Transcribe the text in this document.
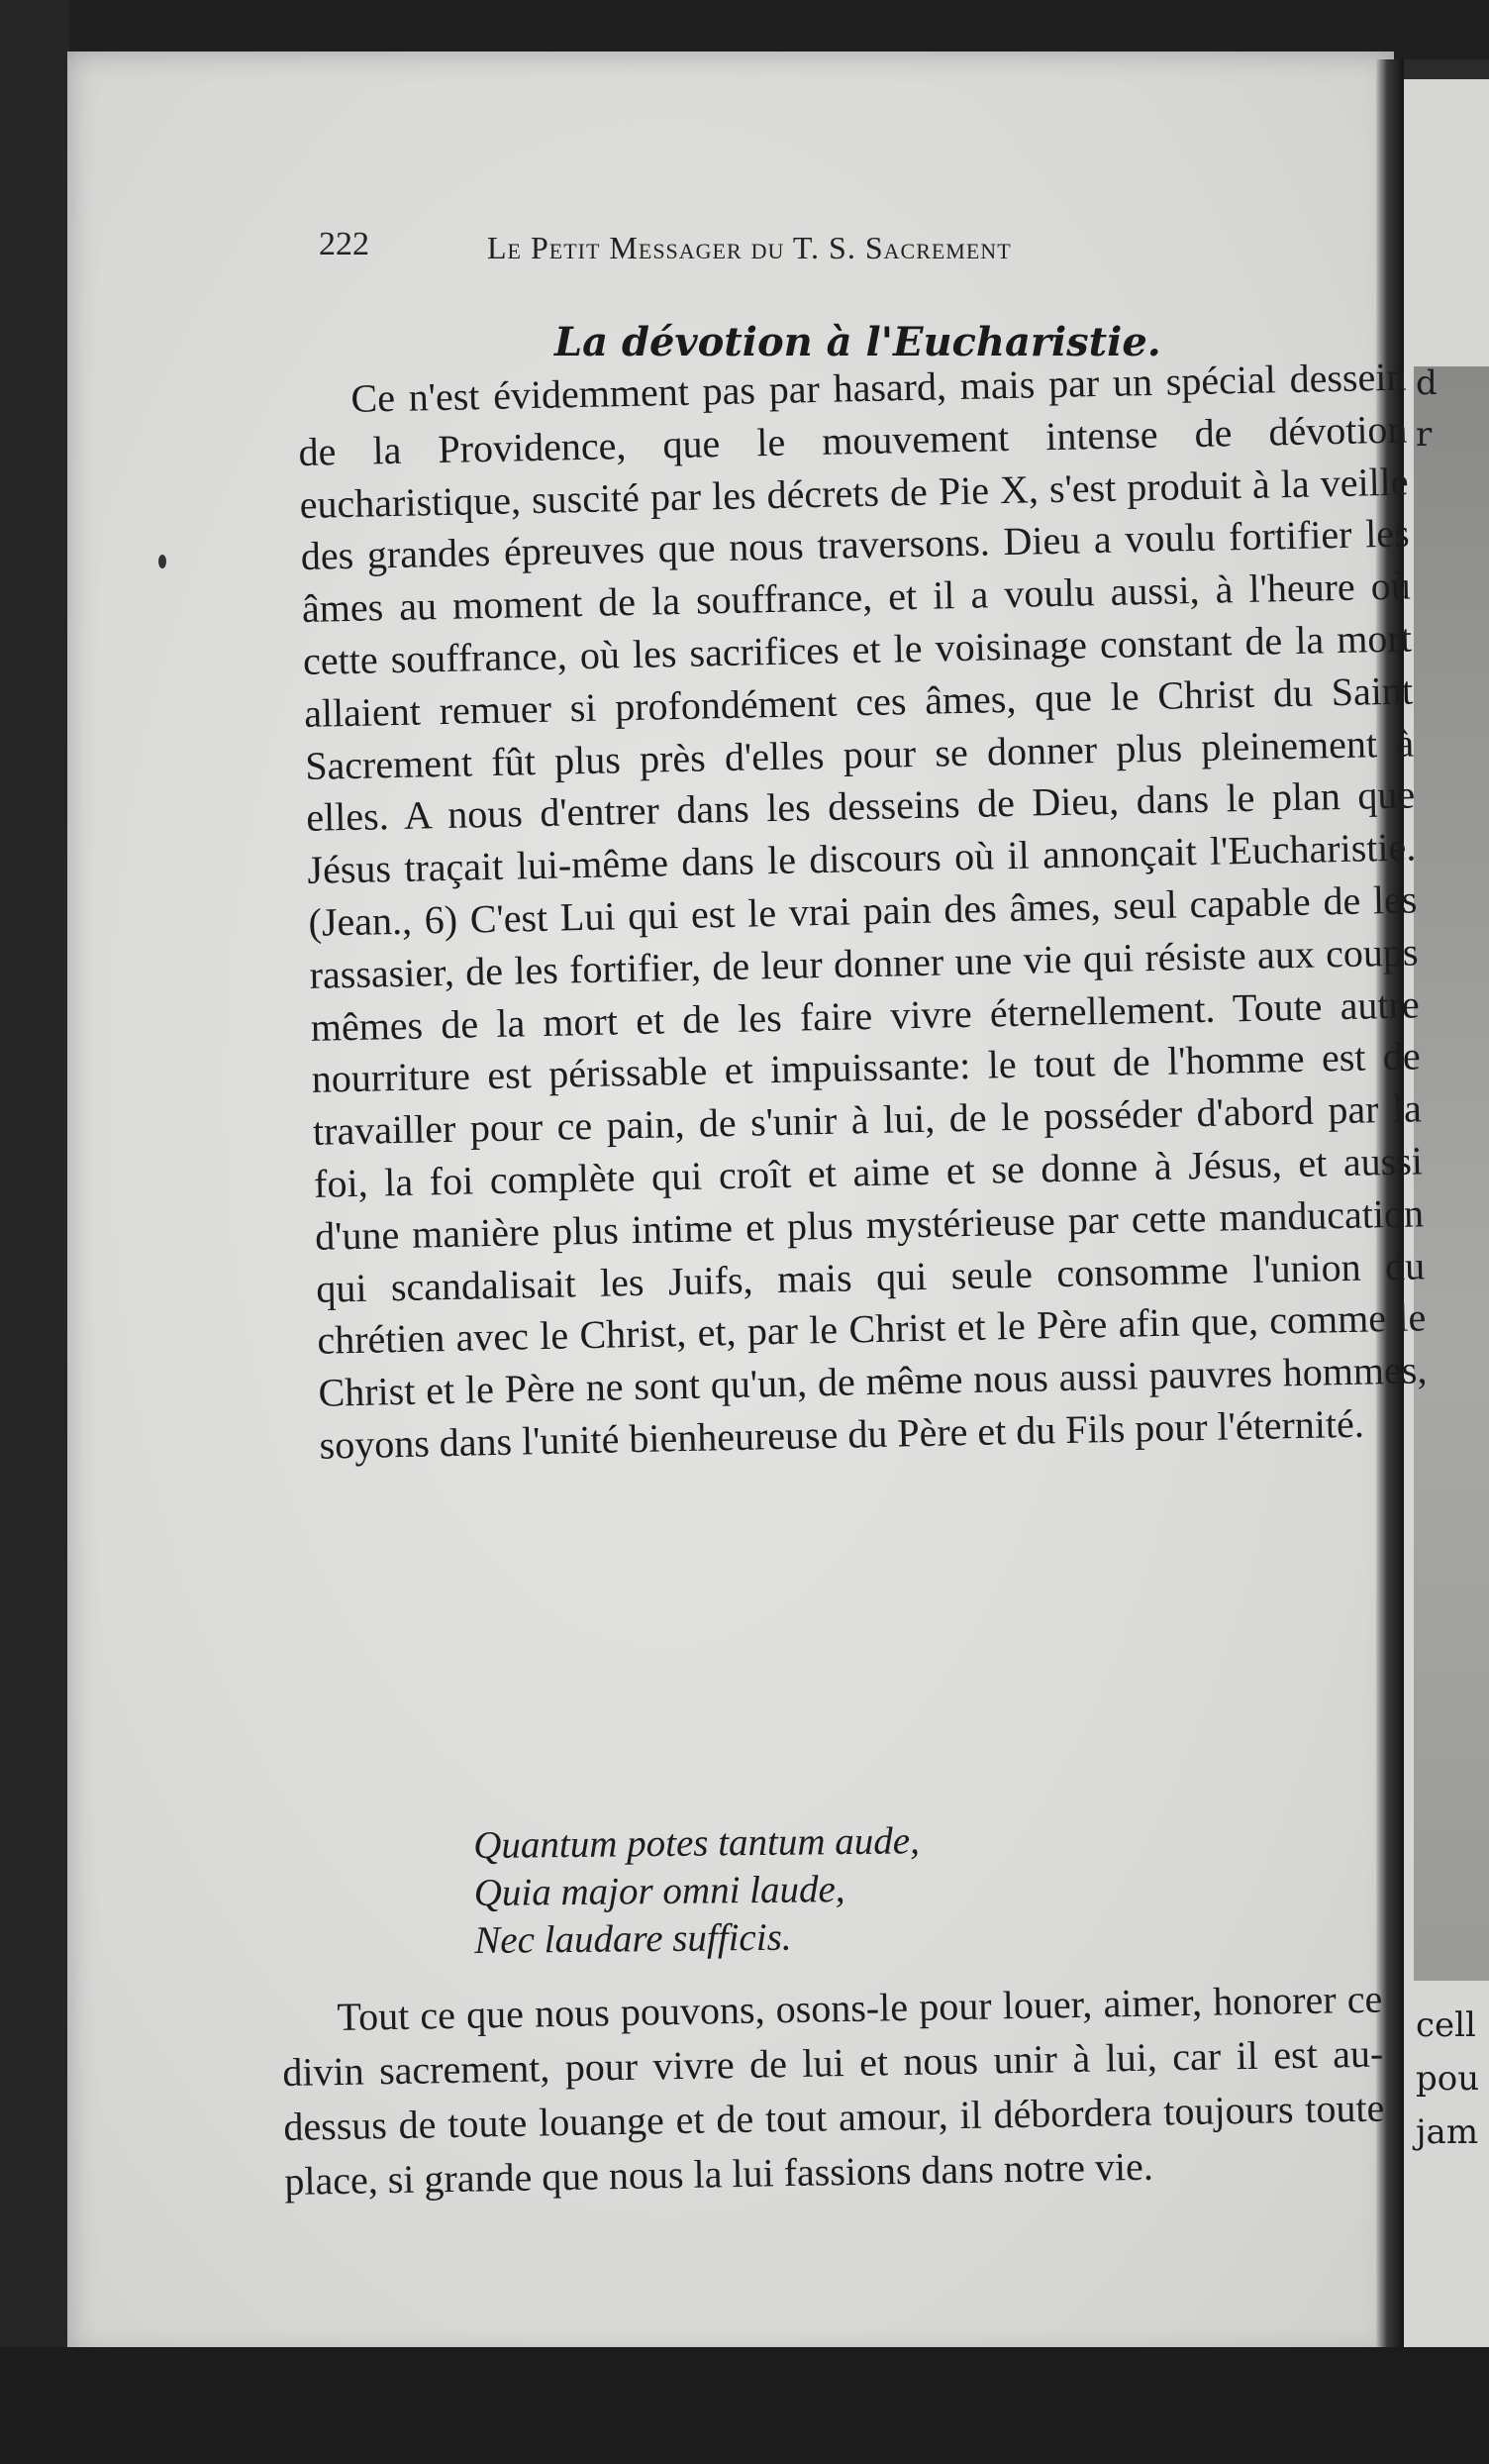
d
r
cell
pou
jam
222	Le Petit Messager du T. S. Sacrement
La dévotion à l'Eucharistie.

Ce n'est évidemment pas par hasard, mais par un spécial dessein de la Providence, que le mouvement intense de dévotion eucharistique, suscité par les décrets de Pie X, s'est produit à la veille des grandes épreuves que nous traversons. Dieu a voulu fortifier les âmes au moment de la souffrance, et il a voulu aussi, à l'heure où cette souffrance, où les sacrifices et le voisinage constant de la mort allaient remuer si profondément ces âmes, que le Christ du Saint Sacrement fût plus près d'elles pour se donner plus pleinement à elles. A nous d'entrer dans les desseins de Dieu, dans le plan que Jésus traçait lui-même dans le discours où il annonçait l'Eucharistie. (Jean., 6) C'est Lui qui est le vrai pain des âmes, seul capable de les rassasier, de les fortifier, de leur donner une vie qui résiste aux coups mêmes de la mort et de les faire vivre éternellement. Toute autre nourriture est périssable et impuissante: le tout de l'homme est de travailler pour ce pain, de s'unir à lui, de le posséder d'abord par la foi, la foi complète qui croît et aime et se donne à Jésus, et aussi d'une manière plus intime et plus mystérieuse par cette manducation qui scandalisait les Juifs, mais qui seule consomme l'union du chrétien avec le Christ, et, par le Christ et le Père afin que, comme le Christ et le Père ne sont qu'un, de même nous aussi pauvres hommes, soyons dans l'unité bienheureuse du Père et du Fils pour l'éternité.

Quantum potes tantum aude,
Quia major omni laude,
Nec laudare sufficis.

Tout ce que nous pouvons, osons-le pour louer, aimer, honorer ce divin sacrement, pour vivre de lui et nous unir à lui, car il est au-dessus de toute louange et de tout amour, il débordera toujours toute place, si grande que nous la lui fassions dans notre vie.
